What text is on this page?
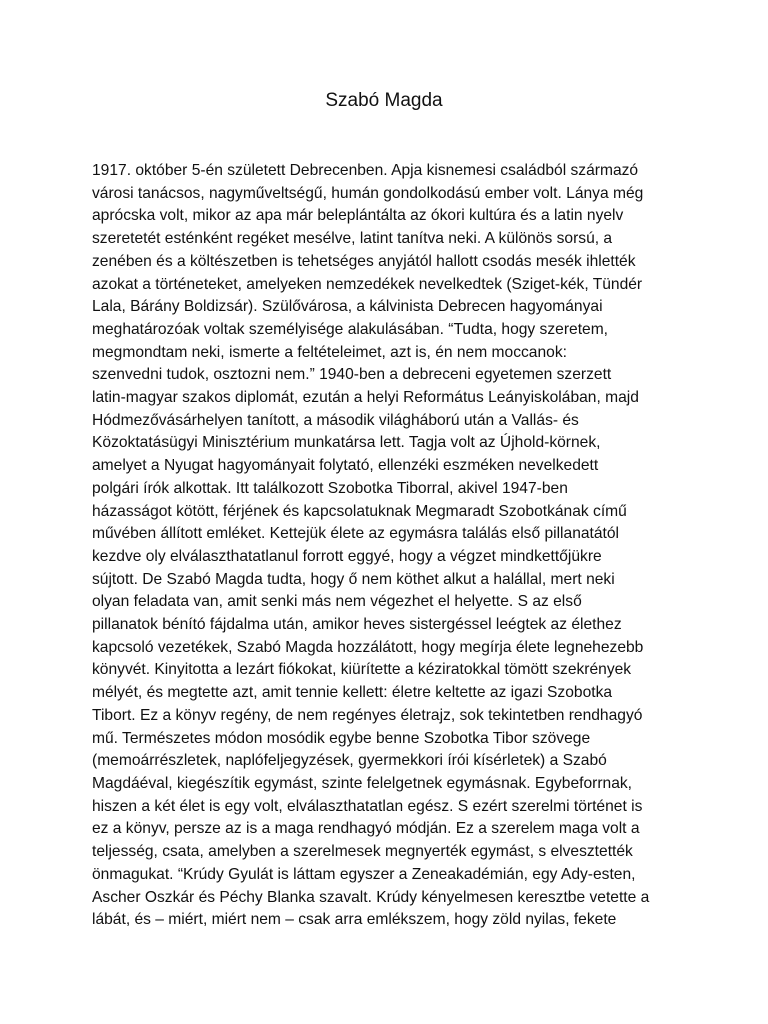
Szabó Magda
1917. október 5-én született Debrecenben. Apja kisnemesi családból származó
városi tanácsos, nagyműveltségű, humán gondolkodású ember volt. Lánya még
aprócska volt, mikor az apa már beleplántálta az ókori kultúra és a latin nyelv
szeretetét esténként regéket mesélve, latint tanítva neki. A különös sorsú, a
zenében és a költészetben is tehetséges anyjától hallott csodás mesék ihlették
azokat a történeteket, amelyeken nemzedékek nevelkedtek (Sziget-kék, Tündér
Lala, Bárány Boldizsár). Szülővárosa, a kálvinista Debrecen hagyományai
meghatározóak voltak személyisége alakulásában. “Tudta, hogy szeretem,
megmondtam neki, ismerte a feltételeimet, azt is, én nem moccanok:
szenvedni tudok, osztozni nem.” 1940-ben a debreceni egyetemen szerzett
latin-magyar szakos diplomát, ezután a helyi Református Leányiskolában, majd
Hódmezővásárhelyen tanított, a második világháború után a Vallás- és
Közoktatásügyi Minisztérium munkatársa lett. Tagja volt az Újhold-körnek,
amelyet a Nyugat hagyományait folytató, ellenzéki eszméken nevelkedett
polgári írók alkottak. Itt találkozott Szobotka Tiborral, akivel 1947-ben
házasságot kötött, férjének és kapcsolatuknak Megmaradt Szobotkának című
művében állított emléket. Kettejük élete az egymásra találás első pillanatától
kezdve oly elválaszthatatlanul forrott eggyé, hogy a végzet mindkettőjükre
sújtott. De Szabó Magda tudta, hogy ő nem köthet alkut a halállal, mert neki
olyan feladata van, amit senki más nem végezhet el helyette. S az első
pillanatok bénító fájdalma után, amikor heves sistergéssel leégtek az élethez
kapcsoló vezetékek, Szabó Magda hozzálátott, hogy megírja élete legnehezebb
könyvét. Kinyitotta a lezárt fiókokat, kiürítette a kéziratokkal tömött szekrények
mélyét, és megtette azt, amit tennie kellett: életre keltette az igazi Szobotka
Tibort. Ez a könyv regény, de nem regényes életrajz, sok tekintetben rendhagyó
mű. Természetes módon mosódik egybe benne Szobotka Tibor szövege
(memoárrészletek, naplófeljegyzések, gyermekkori írói kísérletek) a Szabó
Magdáéval, kiegészítik egymást, szinte felelgetnek egymásnak. Egybeforrnak,
hiszen a két élet is egy volt, elválaszthatatlan egész. S ezért szerelmi történet is
ez a könyv, persze az is a maga rendhagyó módján. Ez a szerelem maga volt a
teljesség, csata, amelyben a szerelmesek megnyerték egymást, s elvesztették
önmagukat. “Krúdy Gyulát is láttam egyszer a Zeneakadémián, egy Ady-esten,
Ascher Oszkár és Péchy Blanka szavalt. Krúdy kényelmesen keresztbe vetette a
lábát, és – miért, miért nem – csak arra emlékszem, hogy zöld nyilas, fekete
